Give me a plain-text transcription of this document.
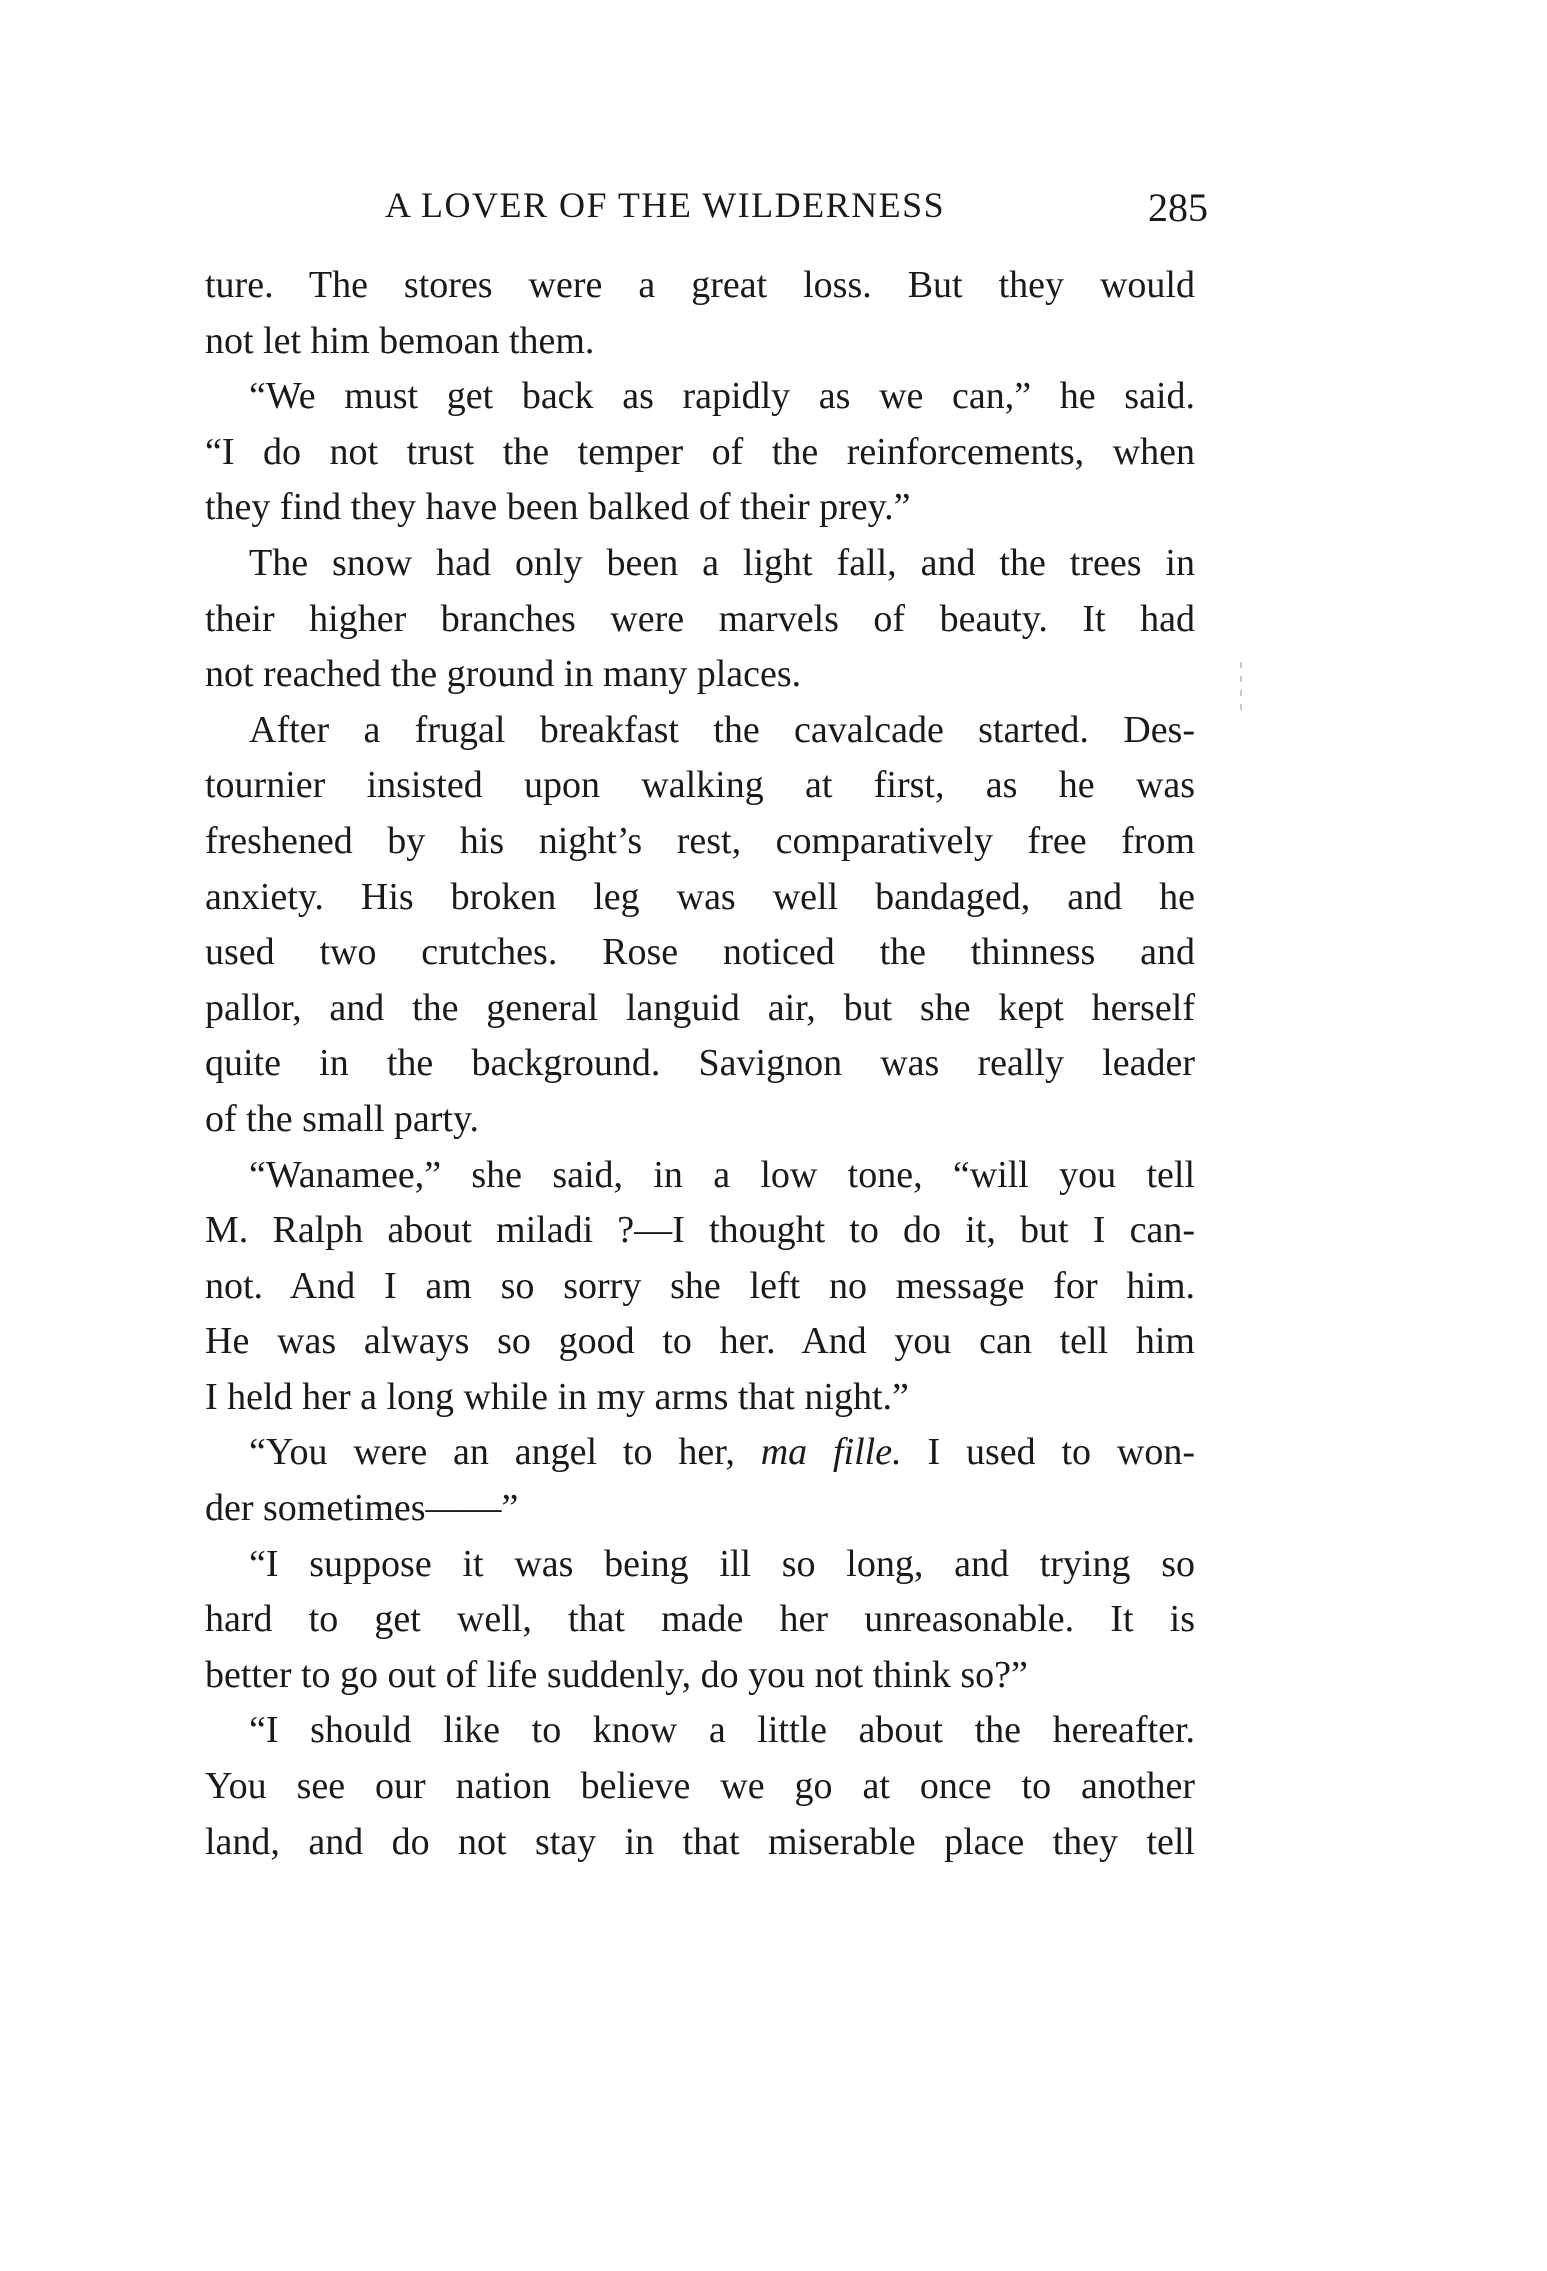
A LOVER OF THE WILDERNESS	285
ture. The stores were a great loss. But they would
not let him bemoan them.
“We must get back as rapidly as we can,” he said.
“I do not trust the temper of the reinforcements, when
they find they have been balked of their prey.”
The snow had only been a light fall, and the trees in
their higher branches were marvels of beauty. It had
not reached the ground in many places.
After a frugal breakfast the cavalcade started. Des-
tournier insisted upon walking at first, as he was
freshened by his night’s rest, comparatively free from
anxiety. His broken leg was well bandaged, and he
used two crutches. Rose noticed the thinness and
pallor, and the general languid air, but she kept herself
quite in the background. Savignon was really leader
of the small party.
“Wanamee,” she said, in a low tone, “will you tell
M. Ralph about miladi ?—I thought to do it, but I can-
not. And I am so sorry she left no message for him.
He was always so good to her. And you can tell him
I held her a long while in my arms that night.”
“You were an angel to her, ma fille. I used to won-
der sometimes——”
“I suppose it was being ill so long, and trying so
hard to get well, that made her unreasonable. It is
better to go out of life suddenly, do you not think so?”
“I should like to know a little about the hereafter.
You see our nation believe we go at once to another
land, and do not stay in that miserable place they tell
